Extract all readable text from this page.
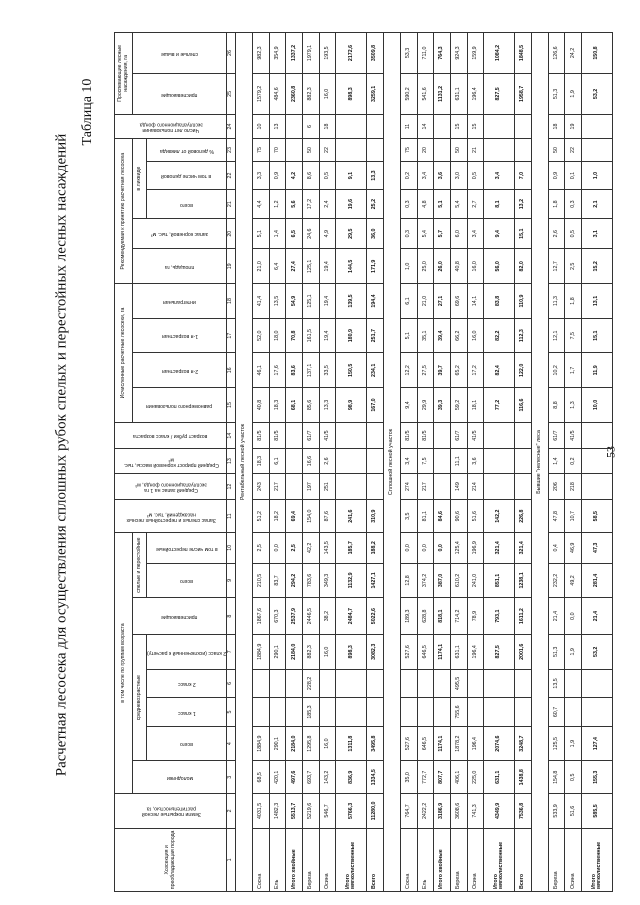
Расчетная лесосека для осуществления сплошных рубок спелых и перестойных лесных насаждений
Таблица 10
53
Хозсекция и преобладающая порода	Земли покрытые лесной растительностью, га	в том числе по группам возраста								Запас спелых и перестойных лесных насаждений, тыс. м³	Средний запас на 1 га эксплуатационного фонда, м³	Средний прирост корневой массы, тыс. м³	возраст рубки / класс возраста	Исчисленные расчетные лесосеки, га				Рекомендуемая к принятию расчетная лесосека					Число лет пользования эксплуатационного фонда	Проспевающие лесные насаждения, га	

		молодняки	средневозрастные				приспевающие	спелые и перестойные						равномерного пользования	2-я возрастная	1-я возрастная	интегральная	площадь, га	запас корневой, тыс. м³	в ликвиде				приспевающие	спелые и выше

			всего	1 класс	2 класс	2 класс (исключенный к расчету)		всего	в том числе перестойные											всего	в том числе деловой	% деловой от ликвида			

1	2	3	4	5	6	7	8	9	10	11	12	13	14	15	16	17	18	19	20	21	22	23	24	25	26
Рентабельный лесной участок																									
Сосна	4031,5	68,5	1884,9			1884,9	1867,6	210,5	2,5	51,2	243	18,3	81/5	40,8	46,1	52,0	41,4	21,0	5,1	4,4	3,3	75	10	1579,2	982,3
Ель	1482,3	420,1	290,1			290,1	670,3	83,7	0,0	18,2	217	6,1	81/5	18,3	17,6	18,0	13,5	6,4	1,4	1,2	0,9	70	13	484,6	354,9
Итого хвойные	5513,7	497,6	2184,0			2184,0	2537,9	294,2	2,5	69,4				68,1	83,6	70,8	54,9	27,4	6,5	5,6	4,2			2360,8	1337,2
Береза	5219,6	693,7	1295,8	185,3	228,2	882,3	2446,5	783,6	42,2	154,0	197	16,6	61/7	85,6	137,1	161,5	125,1	125,1	24,6	17,2	8,6	50	6	882,3	1979,1
Осина	546,7	143,2	16,0			16,0	38,2	349,3	143,5	87,6	251	2,6	41/5	13,3	33,5	19,4	19,4	19,4	4,9	2,4	0,5	22	18	16,0	193,5
Итого мягколиственные	5766,3	836,9	1311,8			898,3	2484,7	1132,9	185,7	241,6				98,9	150,5	180,9	139,5	144,5	29,5	19,6	9,1			898,3	2172,6
Всего	11280,0	1334,5	3495,8			3082,3	5022,6	1427,1	188,2	310,9				167,0	234,1	251,7	194,4	171,9	36,0	25,2	13,3			3259,1	3509,8
Сплошной лесной участок																									
Сосна	764,7	35,0	527,6			527,6	189,3	12,8	0,0	3,5	274	3,4	81/5	9,4	12,2	5,1	6,1	1,0	0,3	0,3	0,2	75	11	590,2	53,3
Ель	2422,2	772,7	646,5			646,5	628,8	374,2	0,0	81,1	217	7,5	81/5	29,9	27,5	35,1	21,0	25,0	5,4	4,8	3,4	20	14	541,6	711,0
Итого хвойные	3186,9	807,7	1174,1			1174,1	818,1	387,0	0,0	84,6				39,3	39,7	39,4	27,1	26,0	5,7	5,1	3,6			1131,2	764,3
Береза	3608,6	406,1	1878,2	755,6	495,5	631,1	714,2	610,2	125,4	90,6	149	11,1	61/7	59,2	65,2	66,2	69,6	40,8	6,0	5,4	3,0	50	15	631,1	924,3
Осина	741,3	225,0	196,4			196,4	78,9	241,0	196,9	51,6	214	3,6	41/5	18,1	17,2	16,0	14,1	16,0	3,4	2,7	0,5	21	15	196,4	159,9
Итого мягколиственные	4349,9	631,1	2074,6			827,5	793,1	851,1	321,4	142,2				77,2	82,4	82,2	83,8	56,0	9,4	8,1	3,4			827,5	1084,2
Всего	7536,8	1438,8	3248,7			2001,6	1611,2	1238,1	321,4	226,8				116,6	122,0	112,3	110,9	82,0	15,1	13,2	7,0			1958,7	1848,5
Бывшие "нелесные" леса																									
Береза	533,9	154,8	125,5	60,7	13,5	51,3	21,4	232,2	0,4	47,8	206	1,4	61/7	8,8	10,2	12,1	11,3	12,7	2,6	1,8	0,9	50	18	51,3	126,6
Осина	51,6	0,5	1,9			1,9	0,0	49,2	46,9	10,7	218	0,2	41/5	1,3	1,7	7,5	1,8	2,5	0,5	0,3	0,1	22	19	1,9	24,2
Итого мягколиственные	585,5	155,3	127,4			53,2	21,4	281,4	47,3	58,5				10,0	11,9	15,1	13,1	15,2	3,1	2,1	1,0			53,2	150,8
